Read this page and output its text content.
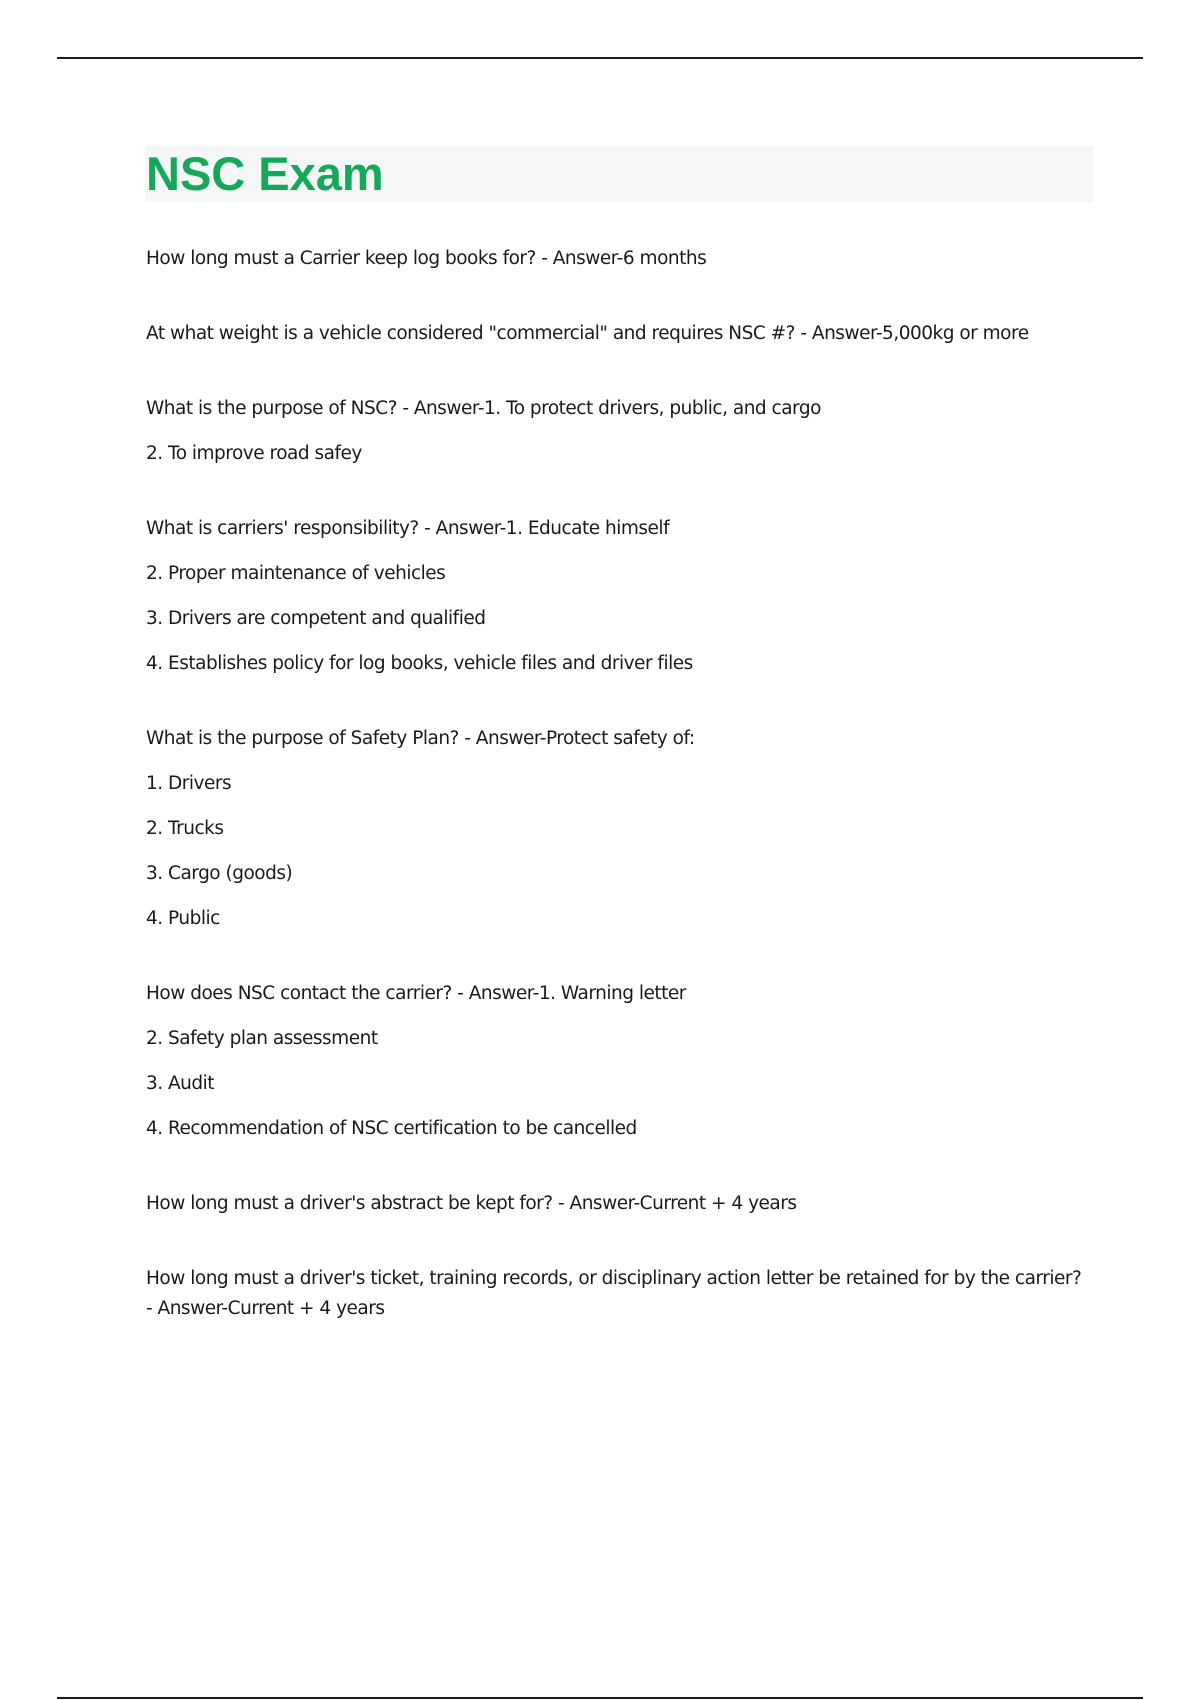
NSC Exam
How long must a Carrier keep log books for? - Answer-6 months
At what weight is a vehicle considered "commercial" and requires NSC #? - Answer-5,000kg or more
What is the purpose of NSC? - Answer-1. To protect drivers, public, and cargo
2. To improve road safey
What is carriers' responsibility? - Answer-1. Educate himself
2. Proper maintenance of vehicles
3. Drivers are competent and qualified
4. Establishes policy for log books, vehicle files and driver files
What is the purpose of Safety Plan? - Answer-Protect safety of:
1. Drivers
2. Trucks
3. Cargo (goods)
4. Public
How does NSC contact the carrier? - Answer-1. Warning letter
2. Safety plan assessment
3. Audit
4. Recommendation of NSC certification to be cancelled
How long must a driver's abstract be kept for? - Answer-Current + 4 years
How long must a driver's ticket, training records, or disciplinary action letter be retained for by the carrier? - Answer-Current + 4 years
